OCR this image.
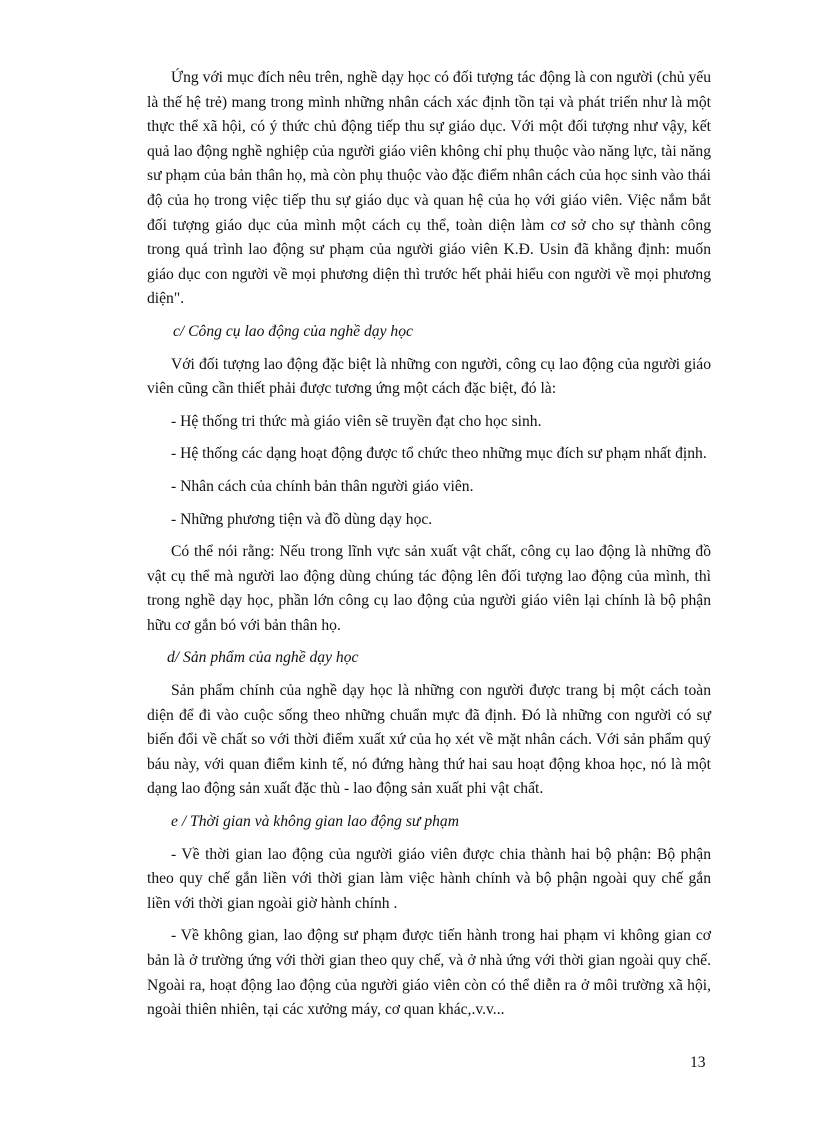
Ứng với mục đích nêu trên, nghề dạy học có đối tượng tác động là con người (chủ yếu là thế hệ trẻ) mang trong mình những nhân cách xác định tồn tại và phát triển như là một thực thể xã hội, có ý thức chủ động tiếp thu sự giáo dục. Với một đối tượng như vậy, kết quả lao động nghề nghiệp của người giáo viên không chỉ phụ thuộc vào năng lực, tài năng sư phạm của bản thân họ, mà còn phụ thuộc vào đặc điểm nhân cách của học sinh vào thái độ của họ trong việc tiếp thu sự giáo dục và quan hệ của họ với giáo viên. Việc nắm bắt đối tượng giáo dục của mình một cách cụ thể, toàn diện làm cơ sở cho sự thành công trong quá trình lao động sư phạm của người giáo viên K.Đ. Usin đã khẳng định: muốn giáo dục con người về mọi phương diện thì trước hết phải hiểu con người về mọi phương diện".

c/ Công cụ lao động của nghề dạy học

Với đối tượng lao động đặc biệt là những con người, công cụ lao động của người giáo viên cũng cần thiết phải được tương ứng một cách đặc biệt, đó là:

- Hệ thống tri thức mà giáo viên sẽ truyền đạt cho học sinh.

- Hệ thống các dạng hoạt động được tổ chức theo những mục đích sư phạm nhất định.

- Nhân cách của chính bản thân người giáo viên.

- Những phương tiện và đồ dùng dạy học.

Có thể nói rằng: Nếu trong lĩnh vực sản xuất vật chất, công cụ lao động là những đồ vật cụ thể mà người lao động dùng chúng tác động lên đối tượng lao động của mình, thì trong nghề dạy học, phần lớn công cụ lao động của người giáo viên lại chính là bộ phận hữu cơ gắn bó với bản thân họ.

d/ Sản phẩm của nghề dạy học

Sản phẩm chính của nghề dạy học là những con người được trang bị một cách toàn diện để đi vào cuộc sống theo những chuẩn mực đã định. Đó là những con người có sự biến đổi về chất so với thời điểm xuất xứ của họ xét về mặt nhân cách. Với sản phẩm quý báu này, với quan điểm kinh tế, nó đứng hàng thứ hai sau hoạt động khoa học, nó là một dạng lao động sản xuất đặc thù - lao động sản xuất phi vật chất.

e / Thời gian và không gian lao động sư phạm

- Về thời gian lao động của người giáo viên được chia thành hai bộ phận: Bộ phận theo quy chế gắn liền với thời gian làm việc hành chính và bộ phận ngoài quy chế gắn liền với thời gian ngoài giờ hành chính .

- Về không gian, lao động sư phạm được tiến hành trong hai phạm vi không gian cơ bản là ở trường ứng với thời gian theo quy chế, và ở nhà ứng với thời gian ngoài quy chế. Ngoài ra, hoạt động lao động của người giáo viên còn có thể diễn ra ở môi trường xã hội, ngoài thiên nhiên, tại các xưởng máy, cơ quan khác,.v.v...

13
